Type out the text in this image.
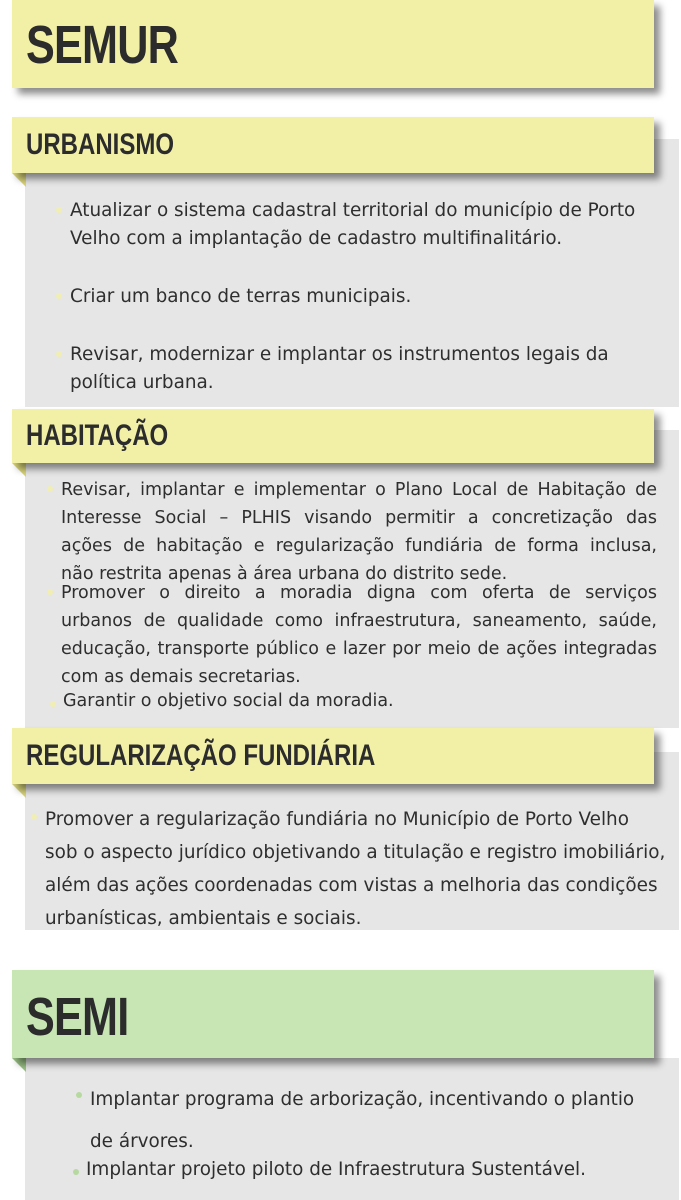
SEMUR
URBANISMO
Atualizar o sistema cadastral territorial do município de Porto
Velho com a implantação de cadastro multifinalitário.
Criar um banco de terras municipais.
Revisar, modernizar e implantar os instrumentos legais da
política urbana.
HABITAÇÃO
Revisar, implantar e implementar o Plano Local de Habitação de
Interesse Social – PLHIS visando permitir a concretização das
ações de habitação e regularização fundiária de forma inclusa,
não restrita apenas à área urbana do distrito sede.
Promover o direito a moradia digna com oferta de serviços
urbanos de qualidade como infraestrutura, saneamento, saúde,
educação, transporte público e lazer por meio de ações integradas
com as demais secretarias.
Garantir o objetivo social da moradia.
REGULARIZAÇÃO FUNDIÁRIA
Promover a regularização fundiária no Município de Porto Velho
sob o aspecto jurídico objetivando a titulação e registro imobiliário,
além das ações coordenadas com vistas a melhoria das condições
urbanísticas, ambientais e sociais.
SEMI
Implantar programa de arborização, incentivando o plantio
de árvores.
Implantar projeto piloto de Infraestrutura Sustentável.
